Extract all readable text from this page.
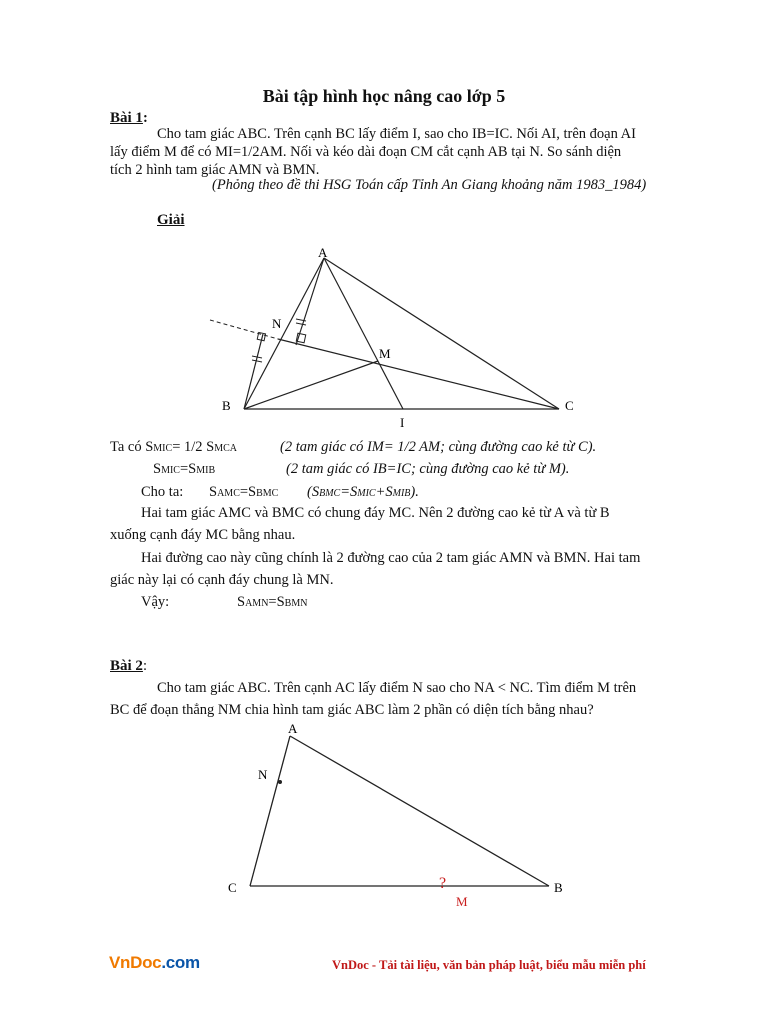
Bài tập hình học nâng cao lớp 5
Bài 1:
Cho tam giác ABC. Trên cạnh BC lấy điểm I, sao cho IB=IC. Nối AI, trên đoạn AI
lấy điểm M để có MI=1/2AM. Nối và kéo dài đoạn CM cắt cạnh AB tại N. So sánh diện
tích 2 hình tam giác AMN và BMN.
(Phỏng theo đề thi HSG Toán cấp Tỉnh An Giang khoảng năm 1983_1984)
Giải
A
B	C
I
M
N
Ta có SMIC= 1/2 SMCA	(2 tam giác có IM= 1/2 AM; cùng đường cao kẻ từ C).
SMIC=SMIB	(2 tam giác có IB=IC; cùng đường cao kẻ từ M).
Cho ta: SAMC=SBMC (SBMC=SMIC+SMIB).
Hai tam giác AMC và BMC có chung đáy MC. Nên 2 đường cao kẻ từ A và từ B
xuống cạnh đáy MC bằng nhau.
Hai đường cao này cũng chính là 2 đường cao của 2 tam giác AMN và BMN. Hai tam
giác này lại có cạnh đáy chung là MN.
Vậy:	SAMN=SBMN
Bài 2:
Cho tam giác ABC. Trên cạnh AC lấy điểm N sao cho NA < NC. Tìm điểm M trên
BC để đoạn thẳng NM chia hình tam giác ABC làm 2 phần có diện tích bằng nhau?
A
N
C	B
?
M
VnDoc.com	VnDoc - Tải tài liệu, văn bản pháp luật, biểu mẫu miễn phí
